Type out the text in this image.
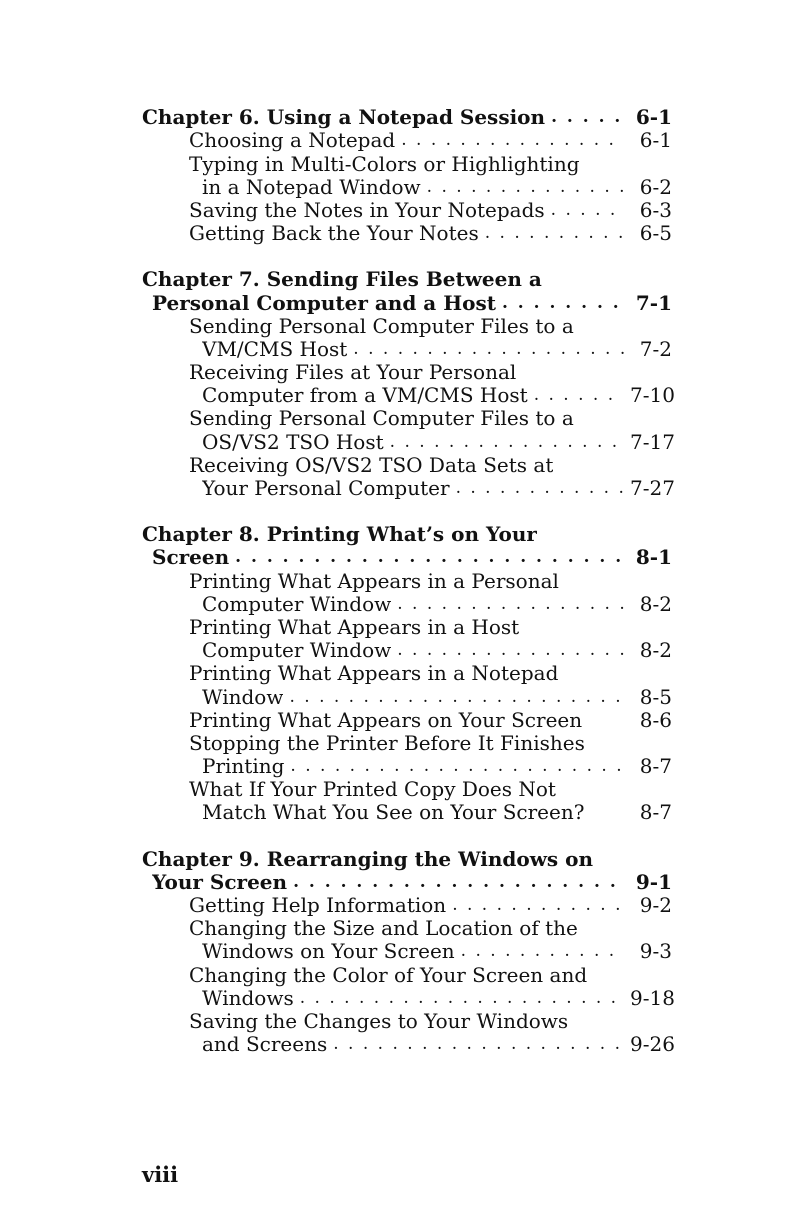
Chapter 6. Using a Notepad Session . . .	6-1
Choosing a Notepad . . .	6-1
Typing in Multi-Colors or Highlighting
in a Notepad Window . . .	6-2
Saving the Notes in Your Notepads . . .	6-3
Getting Back the Your Notes . . .	6-5
Chapter 7. Sending Files Between a
Personal Computer and a Host . . .	7-1
Sending Personal Computer Files to a
VM/CMS Host . . .	7-2
Receiving Files at Your Personal
Computer from a VM/CMS Host . . .	7-10
Sending Personal Computer Files to a
OS/VS2 TSO Host . . .	7-17
Receiving OS/VS2 TSO Data Sets at
Your Personal Computer . . .	7-27
Chapter 8. Printing What’s on Your
Screen . . .	8-1
Printing What Appears in a Personal
Computer Window . . .	8-2
Printing What Appears in a Host
Computer Window . . .	8-2
Printing What Appears in a Notepad
Window . . .	8-5
Printing What Appears on Your Screen	8-6
Stopping the Printer Before It Finishes
Printing . . .	8-7
What If Your Printed Copy Does Not
Match What You See on Your Screen?	8-7
Chapter 9. Rearranging the Windows on
Your Screen . . .	9-1
Getting Help Information . . .	9-2
Changing the Size and Location of the
Windows on Your Screen . . .	9-3
Changing the Color of Your Screen and
Windows . . .	9-18
Saving the Changes to Your Windows
and Screens . . .	9-26
viii
